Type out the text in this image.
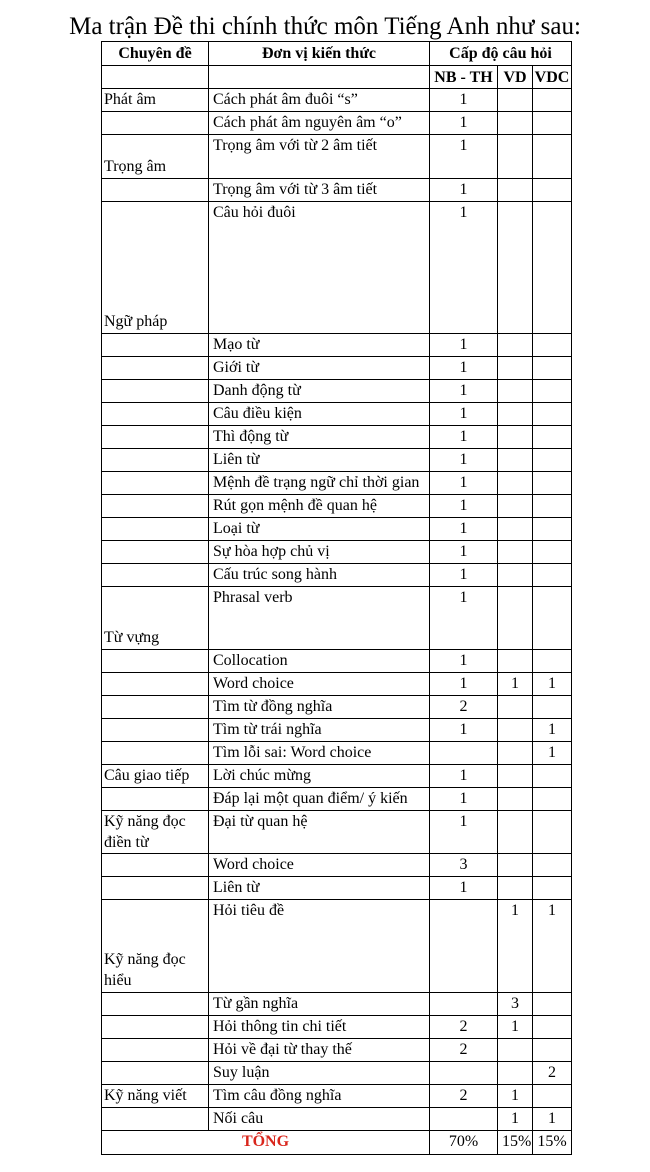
Ma trận Đề thi chính thức môn Tiếng Anh như sau:
Chuyên đề	Đơn vị kiến thức	Cấp độ câu hỏi		
		NB - TH	VD	VDC
Phát âm	Cách phát âm đuôi “s”	1		
	Cách phát âm nguyên âm “o”	1		
Trọng âm	Trọng âm với từ 2 âm tiết	1		
	Trọng âm với từ 3 âm tiết	1		
Ngữ pháp	Câu hỏi đuôi	1		
	Mạo từ	1		
	Giới từ	1		
	Danh động từ	1		
	Câu điều kiện	1		
	Thì động từ	1		
	Liên từ	1		
	Mệnh đề trạng ngữ chỉ thời gian	1		
	Rút gọn mệnh đề quan hệ	1		
	Loại từ	1		
	Sự hòa hợp chủ vị	1		
	Cấu trúc song hành	1		
Từ vựng	Phrasal verb	1		
	Collocation	1		
	Word choice	1	1	1
	Tìm từ đồng nghĩa	2		
	Tìm từ trái nghĩa	1		1
	Tìm lỗi sai: Word choice			1
Câu giao tiếp	Lời chúc mừng	1		
	Đáp lại một quan điểm/ ý kiến	1		
Kỹ năng đọc điền từ	Đại từ quan hệ	1		
	Word choice	3		
	Liên từ	1		
Kỹ năng đọc hiểu	Hỏi tiêu đề		1	1
	Từ gần nghĩa		3	
	Hỏi thông tin chi tiết	2	1	
	Hỏi về đại từ thay thế	2		
	Suy luận			2
Kỹ năng viết	Tìm câu đồng nghĩa	2	1	
	Nối câu		1	1
TỔNG		70%	15%	15%
